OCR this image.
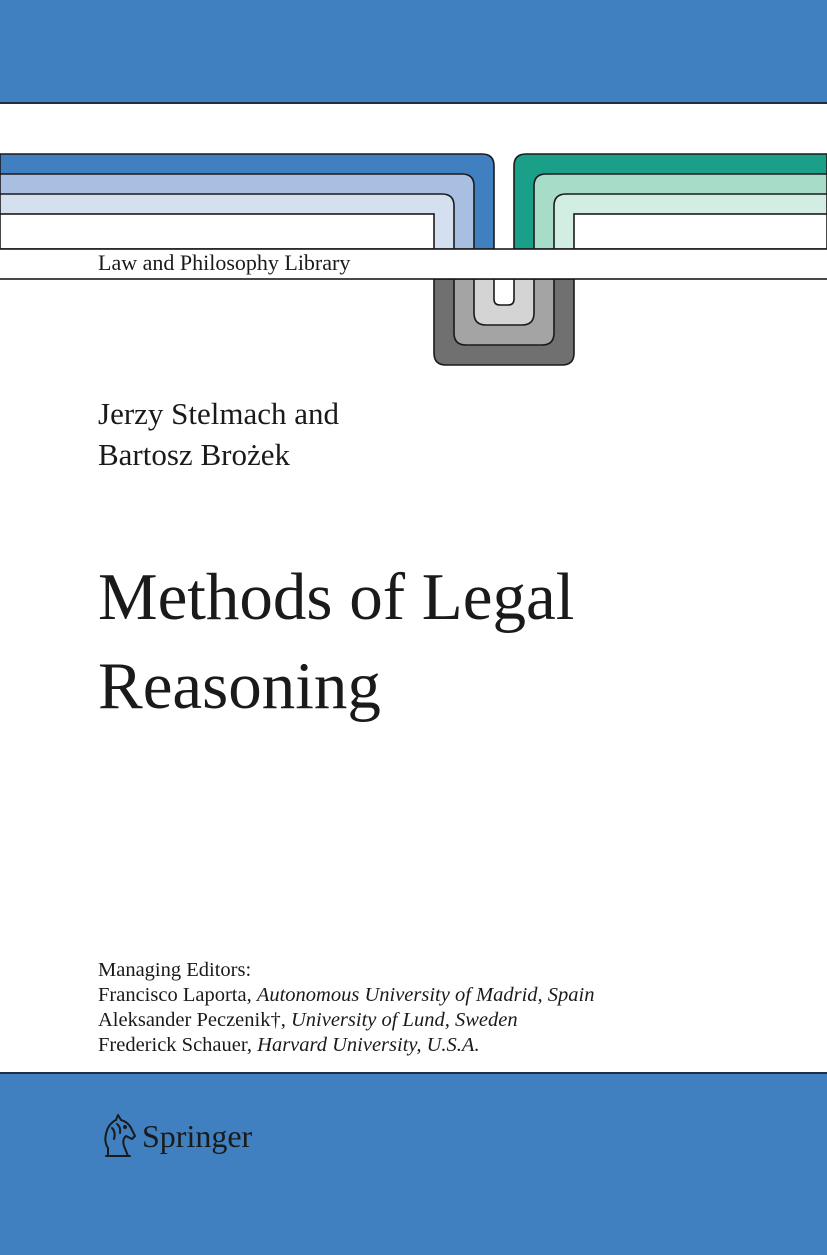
Law and Philosophy Library
Jerzy Stelmach and
Bartosz Brożek
Methods of Legal
Reasoning
Managing Editors:
Francisco Laporta, Autonomous University of Madrid, Spain
Aleksander Peczenik†, University of Lund, Sweden
Frederick Schauer, Harvard University, U.S.A.
Springer
